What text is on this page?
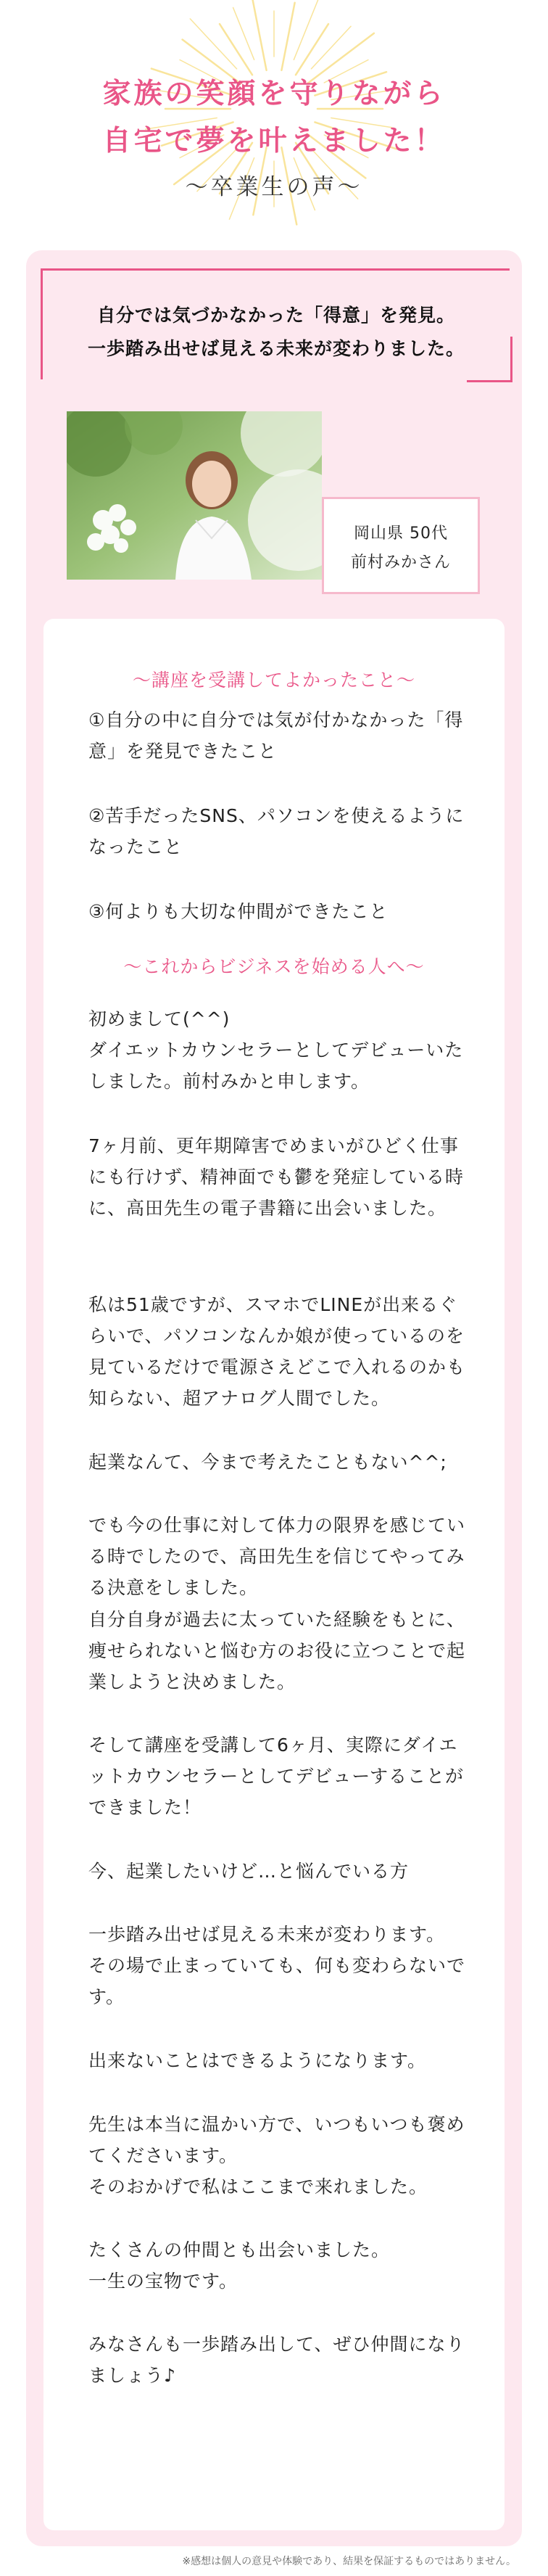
家族の笑顔を守りながら
自宅で夢を叶えました！
〜卒業生の声〜
自分では気づかなかった「得意」を発見。
一歩踏み出せば見える未来が変わりました。
岡山県 50代
前村みかさん
〜講座を受講してよかったこと〜

①自分の中に自分では気が付かなかった「得意」を発見できたこと

②苦手だったSNS、パソコンを使えるようになったこと

③何よりも大切な仲間ができたこと

〜これからビジネスを始める人へ〜

初めまして(^^)
ダイエットカウンセラーとしてデビューいたしました。前村みかと申します。

7ヶ月前、更年期障害でめまいがひどく仕事にも行けず、精神面でも鬱を発症している時に、高田先生の電子書籍に出会いました。

私は51歳ですが、スマホでLINEが出来るぐらいで、パソコンなんか娘が使っているのを見ているだけで電源さえどこで入れるのかも知らない、超アナログ人間でした。

起業なんて、今まで考えたこともない^^;

でも今の仕事に対して体力の限界を感じている時でしたので、高田先生を信じてやってみる決意をしました。

自分自身が過去に太っていた経験をもとに、痩せられないと悩む方のお役に立つことで起業しようと決めました。

そして講座を受講して6ヶ月、実際にダイエットカウンセラーとしてデビューすることができました！

今、起業したいけど…と悩んでいる方

一歩踏み出せば見える未来が変わります。
その場で止まっていても、何も変わらないです。

出来ないことはできるようになります。

先生は本当に温かい方で、いつもいつも褒めてくださいます。
そのおかげで私はここまで来れました。

たくさんの仲間とも出会いました。
一生の宝物です。

みなさんも一歩踏み出して、ぜひ仲間になりましょう♪

※感想は個人の意見や体験であり、結果を保証するものではありません。
